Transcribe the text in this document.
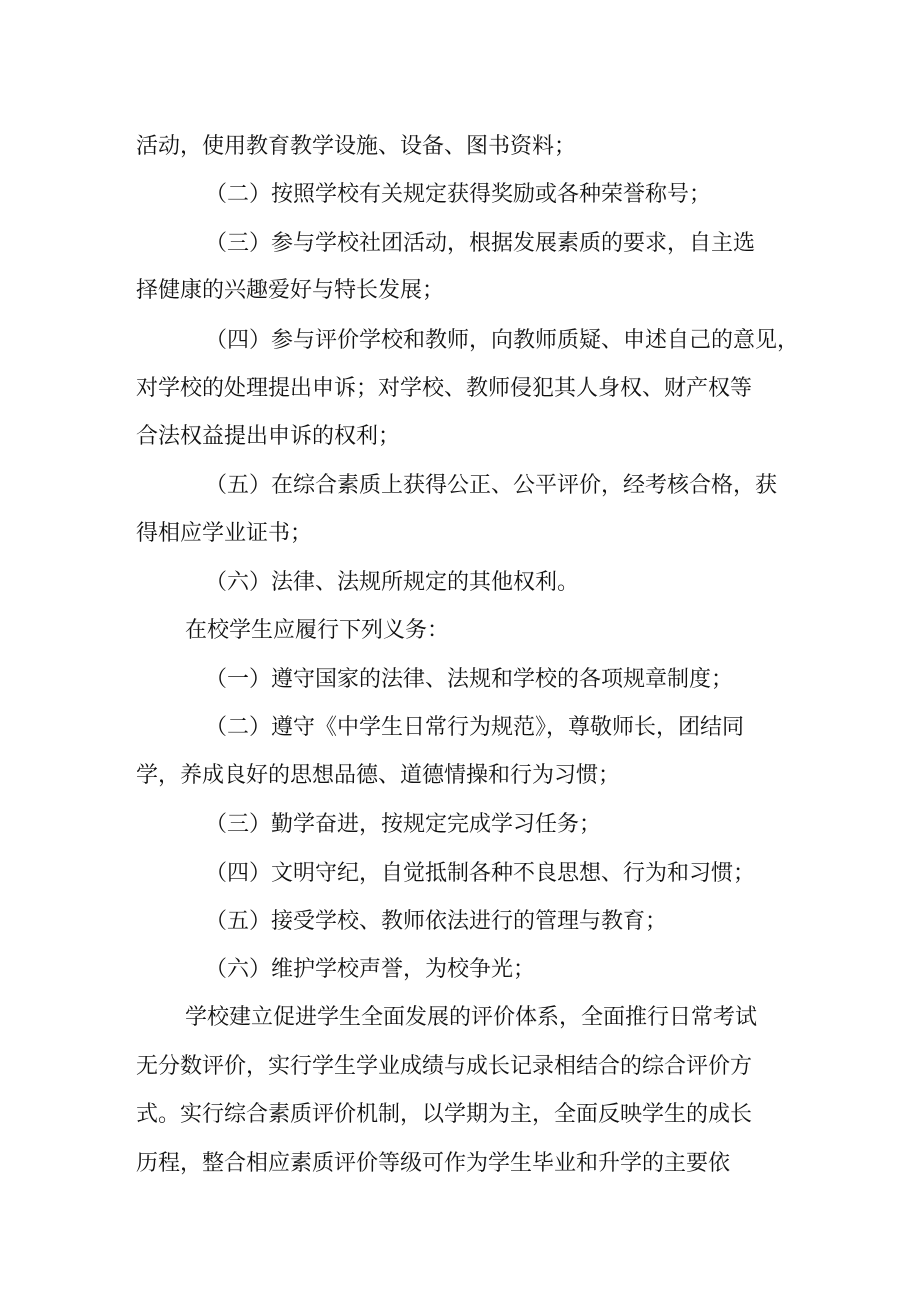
活动，使用教育教学设施、设备、图书资料；
（二）按照学校有关规定获得奖励或各种荣誉称号；
（三）参与学校社团活动，根据发展素质的要求，自主选
择健康的兴趣爱好与特长发展；
（四）参与评价学校和教师，向教师质疑、申述自己的意见，
对学校的处理提出申诉；对学校、教师侵犯其人身权、财产权等
合法权益提出申诉的权利；
（五）在综合素质上获得公正、公平评价，经考核合格，获
得相应学业证书；
（六）法律、法规所规定的其他权利。
在校学生应履行下列义务：
（一）遵守国家的法律、法规和学校的各项规章制度；
（二）遵守《中学生日常行为规范》，尊敬师长，团结同
学，养成良好的思想品德、道德情操和行为习惯；
（三）勤学奋进，按规定完成学习任务；
（四）文明守纪，自觉抵制各种不良思想、行为和习惯；
（五）接受学校、教师依法进行的管理与教育；
（六）维护学校声誉，为校争光；
学校建立促进学生全面发展的评价体系，全面推行日常考试
无分数评价，实行学生学业成绩与成长记录相结合的综合评价方
式。实行综合素质评价机制，以学期为主，全面反映学生的成长
历程，整合相应素质评价等级可作为学生毕业和升学的主要依
